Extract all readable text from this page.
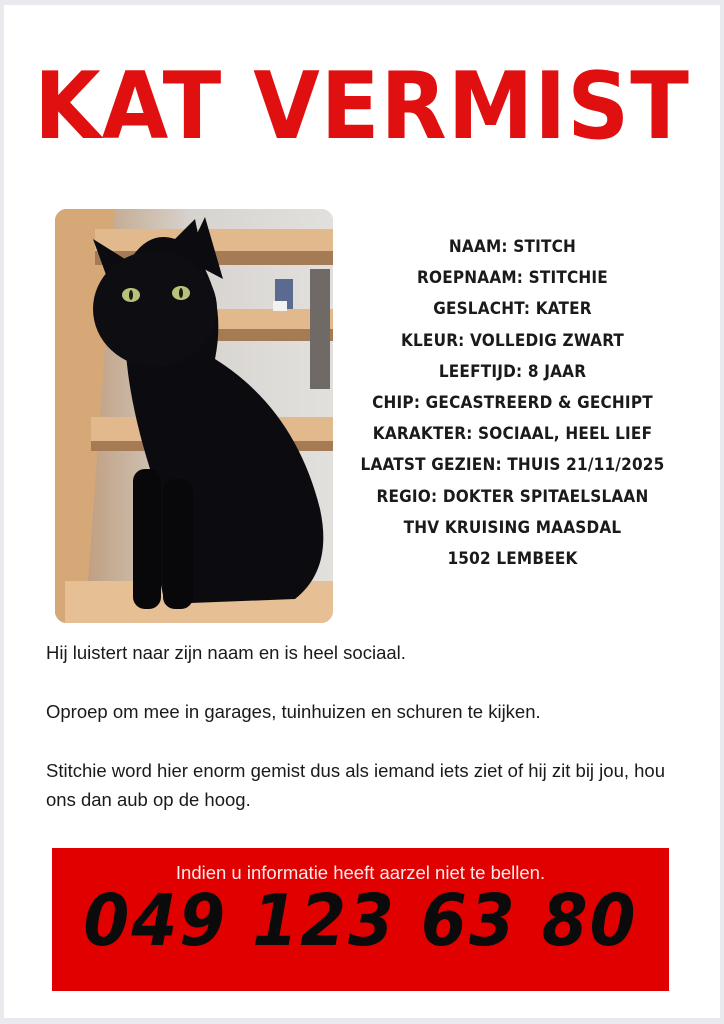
KAT VERMIST
NAAM: STITCH
ROEPNAAM: STITCHIE
GESLACHT: KATER
KLEUR: VOLLEDIG ZWART
LEEFTIJD: 8 JAAR
CHIP: GECASTREERD & GECHIPT
KARAKTER: SOCIAAL, HEEL LIEF
LAATST GEZIEN: THUIS 21/11/2025
REGIO: DOKTER SPITAELSLAAN
THV KRUISING MAASDAL
1502 LEMBEEK

Hij luistert naar zijn naam en is heel sociaal.

Oproep om mee in garages, tuinhuizen en schuren te kijken.

Stitchie word hier enorm gemist dus als iemand iets ziet of hij zit bij jou, hou ons dan aub op de hoog.

Indien u informatie heeft aarzel niet te bellen.
049 123 63 80
